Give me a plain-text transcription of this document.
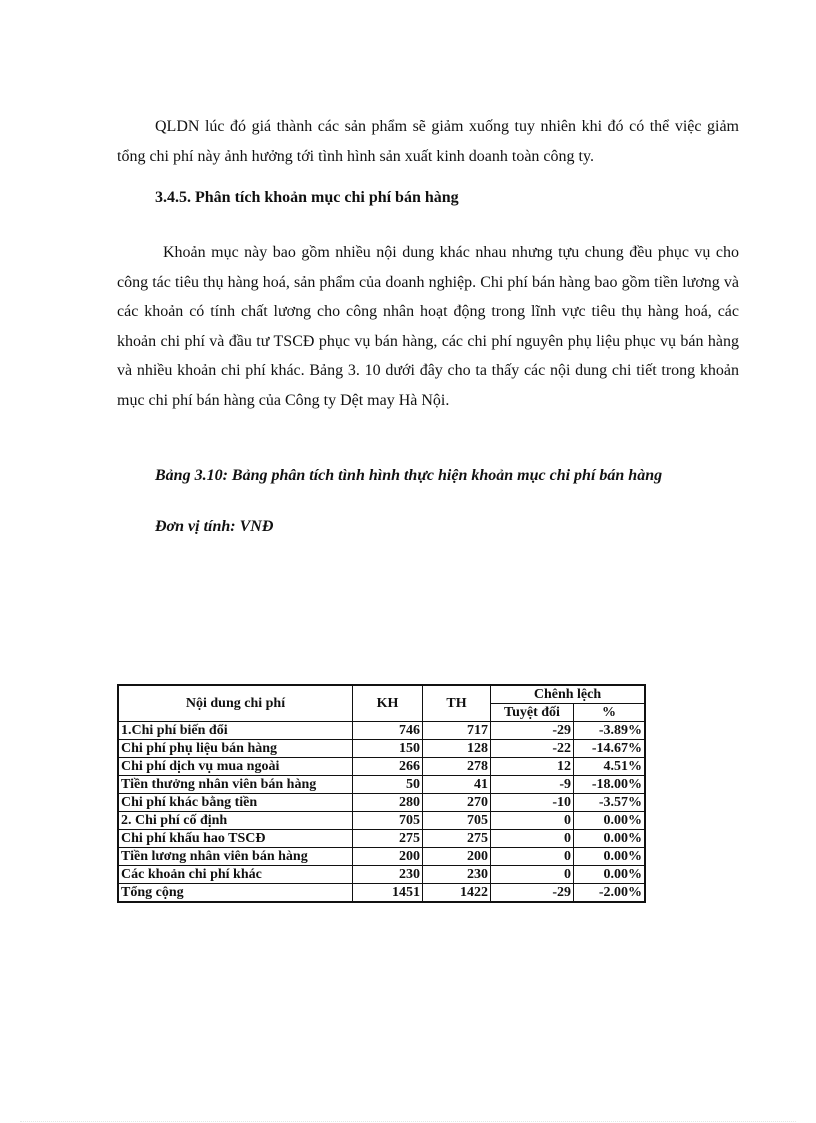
QLDN lúc đó giá thành các sản phẩm sẽ giảm xuống tuy nhiên khi đó có thể việc giảm tổng chi phí này ảnh hưởng tới tình hình sản xuất kinh doanh toàn công ty.

3.4.5. Phân tích khoản mục chi phí bán hàng

Khoản mục này bao gồm nhiều nội dung khác nhau nhưng tựu chung đều phục vụ cho công tác tiêu thụ hàng hoá, sản phẩm của doanh nghiệp. Chi phí bán hàng bao gồm tiền lương và các khoản có tính chất lương cho công nhân hoạt động trong lĩnh vực tiêu thụ hàng hoá, các khoản chi phí và đầu tư TSCĐ phục vụ bán hàng, các chi phí nguyên phụ liệu phục vụ bán hàng và nhiều khoản chi phí khác. Bảng 3. 10 dưới đây cho ta thấy các nội dung chi tiết trong khoản mục chi phí bán hàng của Công ty Dệt may Hà Nội.

Bảng 3.10: Bảng phân tích tình hình thực hiện khoản mục chi phí bán hàng

Đơn vị tính: VNĐ

Nội dung chi phí	KH	TH	Chênh lệch	
			Tuyệt đối	%
1.Chi phí biến đổi	746	717	-29	-3.89%
Chi phí phụ liệu bán hàng	150	128	-22	-14.67%
Chi phí dịch vụ mua ngoài	266	278	12	4.51%
Tiền thưởng nhân viên bán hàng	50	41	-9	-18.00%
Chi phí khác bằng tiền	280	270	-10	-3.57%
2. Chi phí cố định	705	705	0	0.00%
Chi phí khấu hao TSCĐ	275	275	0	0.00%
Tiền lương nhân viên bán hàng	200	200	0	0.00%
Các khoản chi phí khác	230	230	0	0.00%
Tổng cộng	1451	1422	-29	-2.00%
